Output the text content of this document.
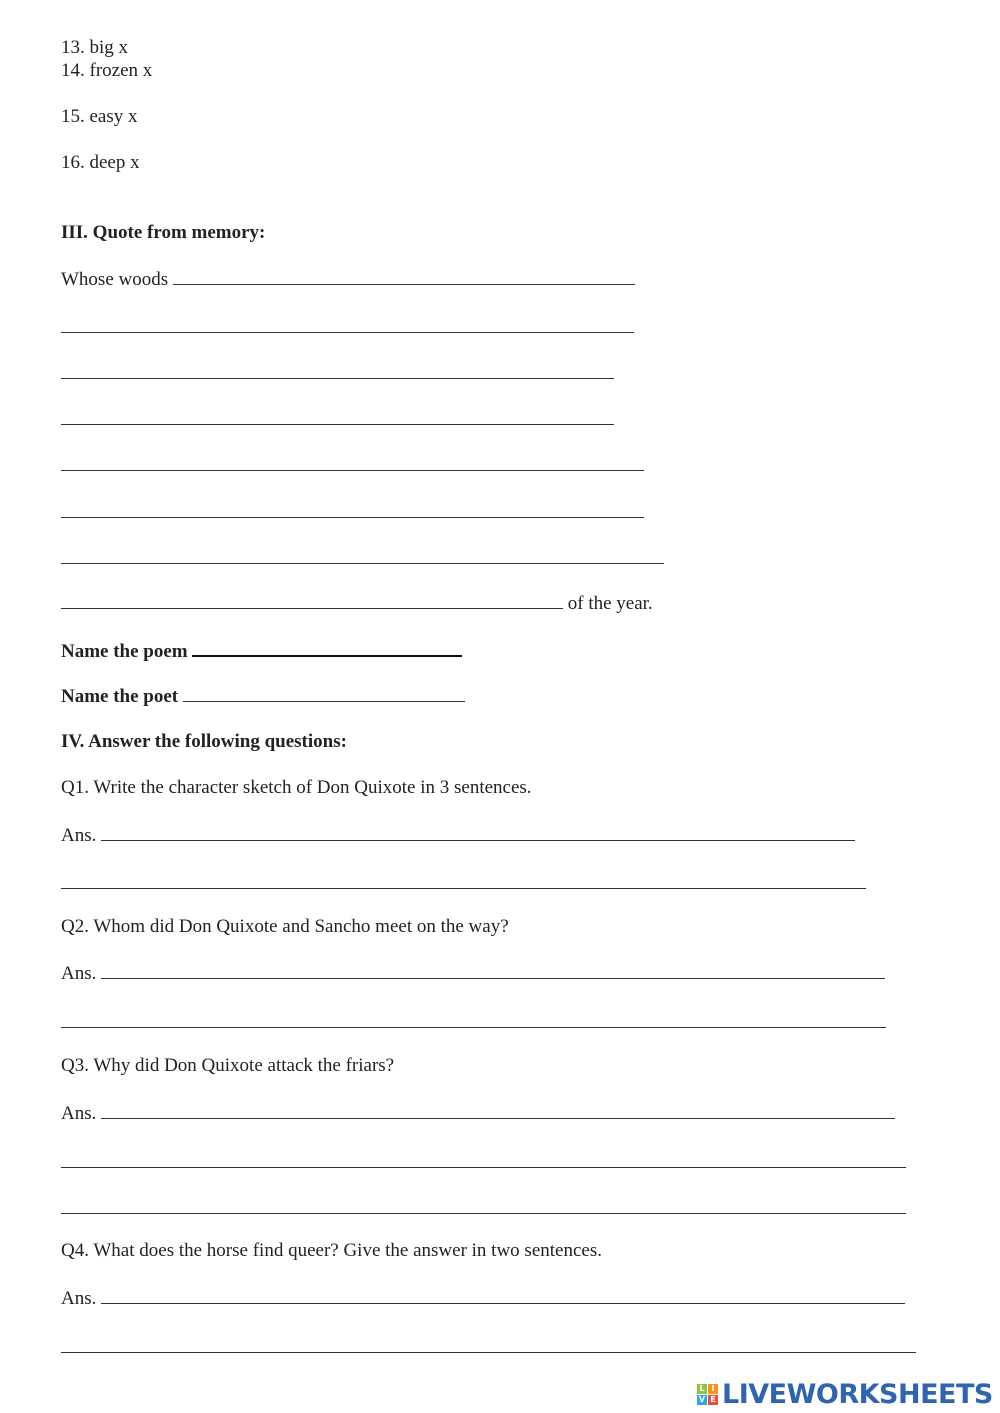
13. big x
14. frozen x
15. easy x
16. deep x
III. Quote from memory:
Whose woods
of the year.
Name the poem
Name the poet
IV. Answer the following questions:
Q1. Write the character sketch of Don Quixote in 3 sentences.
Ans.
Q2. Whom did Don Quixote and Sancho meet on the way?
Ans.
Q3. Why did Don Quixote attack the friars?
Ans.
Q4. What does the horse find queer? Give the answer in two sentences.
Ans.
L I
V E LIVEWORKSHEETS
